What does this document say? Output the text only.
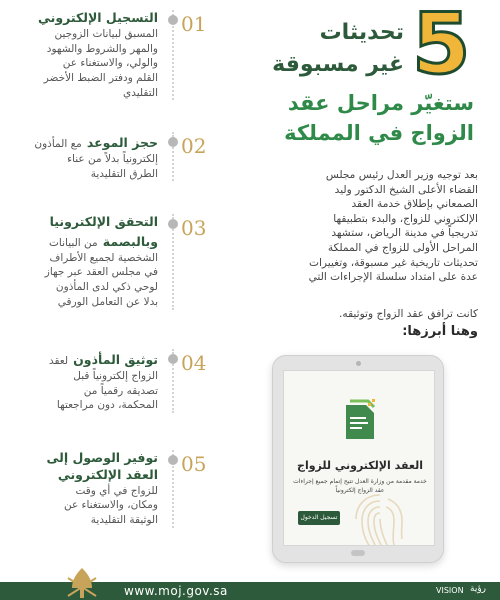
01
التسجيل الإلكتروني
المسبق لبيانات الزوجين
والمهر والشروط والشهود
والولي، والاستغناء عن
القلم ودفتر الضبط الأخضر
التقليدي
02
حجز الموعد مع المأذون
إلكترونياً بدلاً من عناء
الطرق التقليدية
03
التحقق الإلكترونيا
وبالبصمة من البيانات
الشخصية لجميع الأطراف
في مجلس العقد عبر جهاز
لوحي ذكي لدى المأذون
بدلا عن التعامل الورقي
04
توثيق المأذون لعقد
الزواج إلكترونياً قبل
تصديقه رقمياً من
المحكمة، دون مراجعتها
05
توفير الوصول إلى
العقد الإلكتروني
للزواج في أي وقت
ومكان، والاستغناء عن
الوثيقة التقليدية
5
تحديثات
غير مسبوقة
ستغيّر مراحل عقد
الزواج في المملكة
بعد توجيه وزير العدل رئيس مجلس
القضاء الأعلى الشيخ الدكتور وليد
الصمعاني بإطلاق خدمة العقد
الإلكتروني للزواج، والبدء بتطبيقها
تدريجياً في مدينة الرياض، ستشهد
المراحل الأولى للزواج في المملكة
تحديثات تاريخية غير مسبوقة، وتغييرات
عدة على امتداد سلسلة الإجراءات التي
كانت ترافق عقد الزواج وتوثيقه.
وهنا أبرزها:
العقد الإلكتروني للزواج
خدمة مقدمة من وزارة العدل تتيح إتمام جميع إجراءات عقد الزواج إلكترونياً
تسجيل الدخول
www.moj.gov.sa	VISION رؤية
